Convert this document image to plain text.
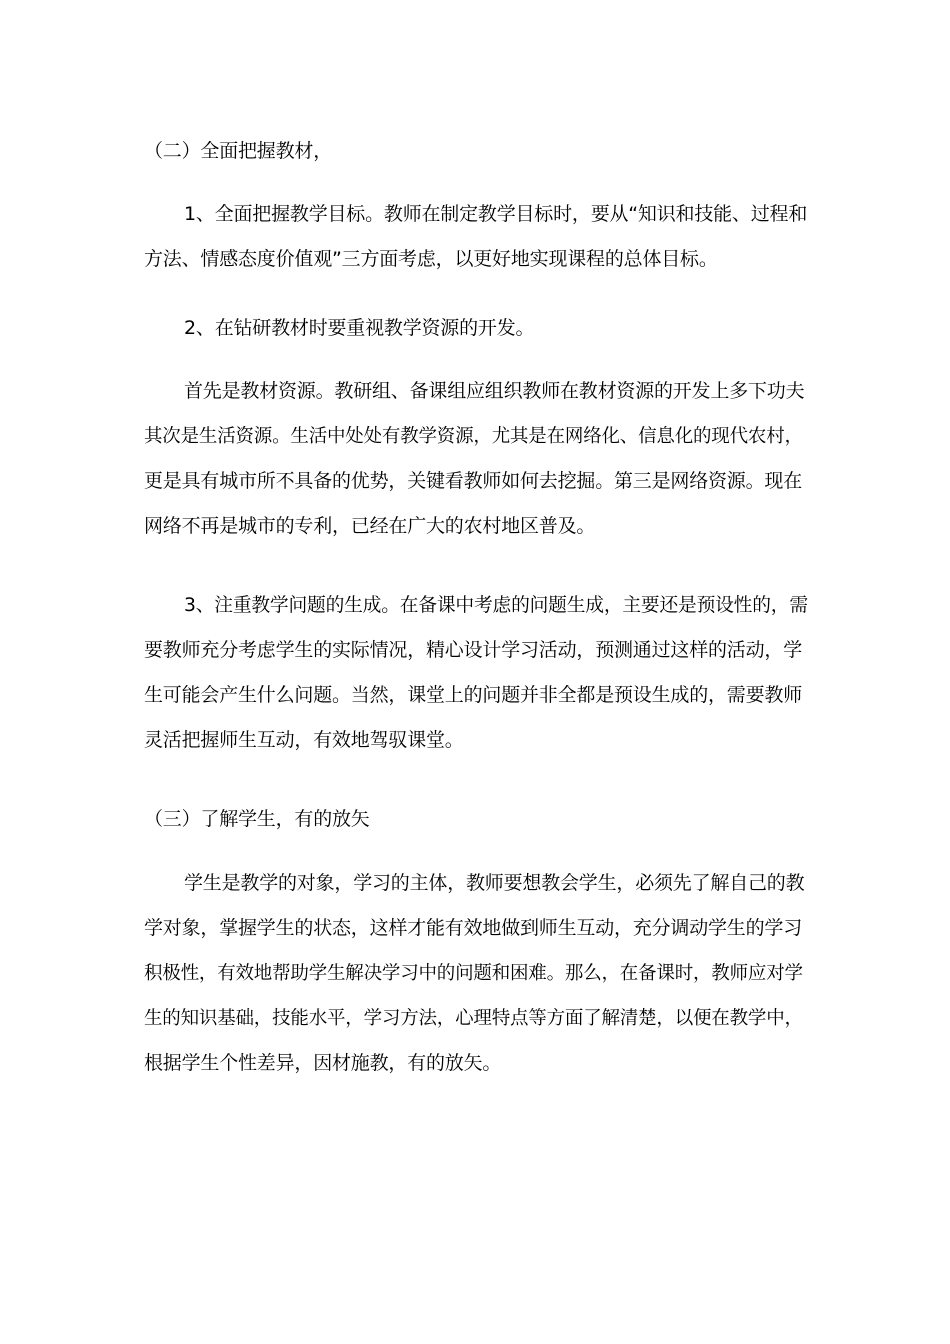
（二）全面把握教材，
1、全面把握教学目标。教师在制定教学目标时，要从“知识和技能、过程和
方法、情感态度价值观”三方面考虑，以更好地实现课程的总体目标。
2、在钻研教材时要重视教学资源的开发。
首先是教材资源。教研组、备课组应组织教师在教材资源的开发上多下功夫
其次是生活资源。生活中处处有教学资源，尤其是在网络化、信息化的现代农村，
更是具有城市所不具备的优势，关键看教师如何去挖掘。第三是网络资源。现在
网络不再是城市的专利，已经在广大的农村地区普及。
3、注重教学问题的生成。在备课中考虑的问题生成，主要还是预设性的，需
要教师充分考虑学生的实际情况，精心设计学习活动，预测通过这样的活动，学
生可能会产生什么问题。当然，课堂上的问题并非全都是预设生成的，需要教师
灵活把握师生互动，有效地驾驭课堂。
（三）了解学生，有的放矢
学生是教学的对象，学习的主体，教师要想教会学生，必须先了解自己的教
学对象，掌握学生的状态，这样才能有效地做到师生互动，充分调动学生的学习
积极性，有效地帮助学生解决学习中的问题和困难。那么，在备课时，教师应对学
生的知识基础，技能水平，学习方法，心理特点等方面了解清楚，以便在教学中，
根据学生个性差异，因材施教，有的放矢。
